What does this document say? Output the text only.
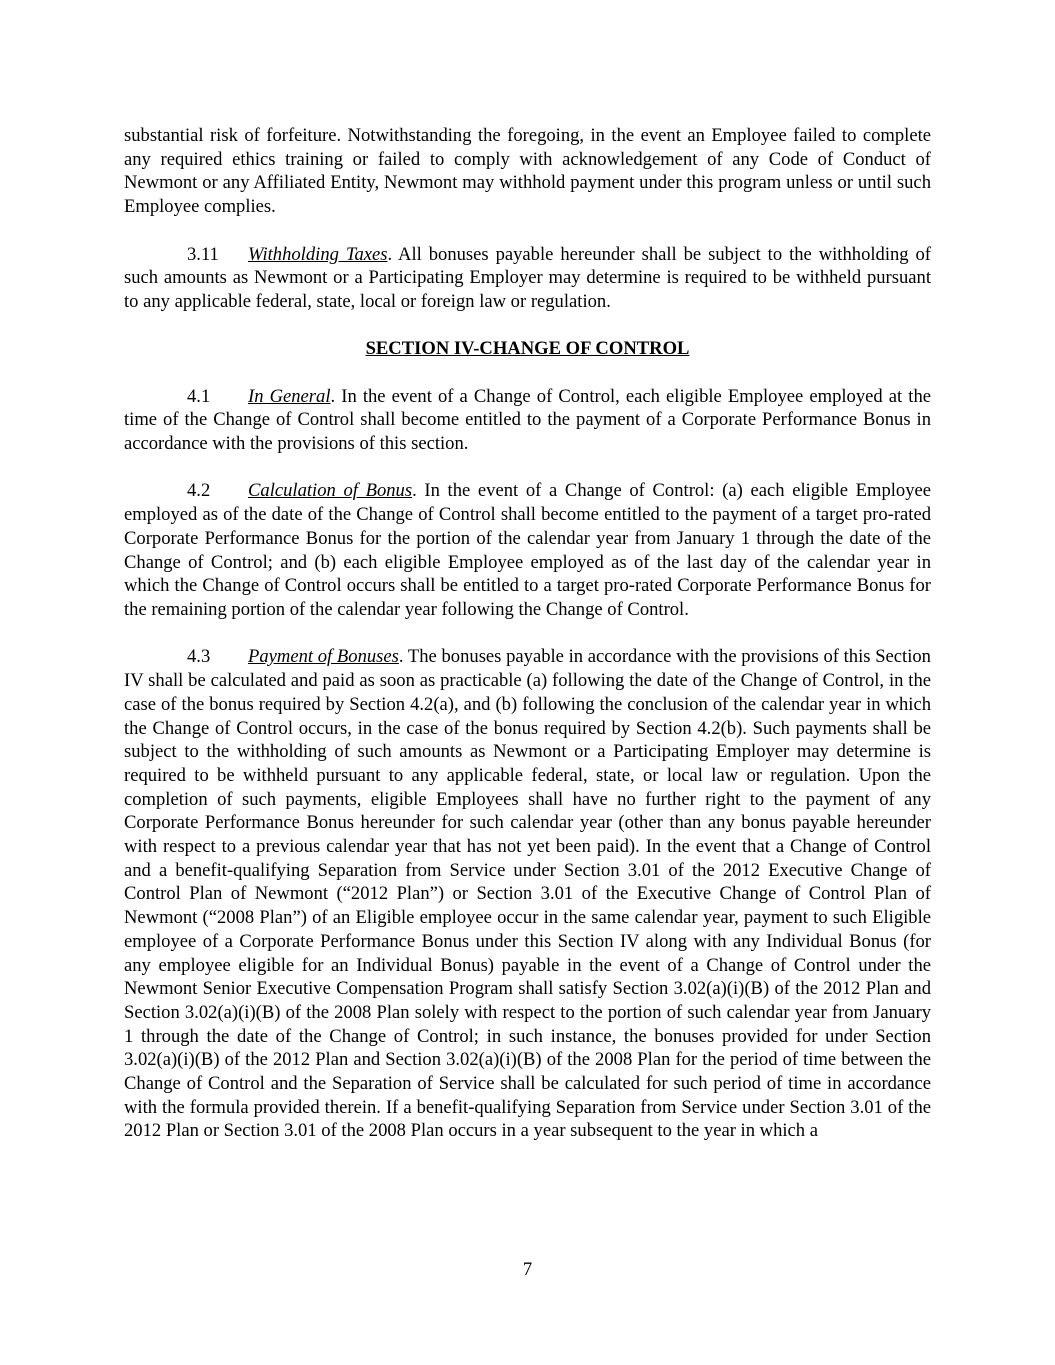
substantial risk of forfeiture. Notwithstanding the foregoing, in the event an Employee failed to complete any required ethics training or failed to comply with acknowledgement of any Code of Conduct of Newmont or any Affiliated Entity, Newmont may withhold payment under this program unless or until such Employee complies.

3.11 Withholding Taxes. All bonuses payable hereunder shall be subject to the withholding of such amounts as Newmont or a Participating Employer may determine is required to be withheld pursuant to any applicable federal, state, local or foreign law or regulation.

SECTION IV-CHANGE OF CONTROL

4.1 In General. In the event of a Change of Control, each eligible Employee employed at the time of the Change of Control shall become entitled to the payment of a Corporate Performance Bonus in accordance with the provisions of this section.

4.2 Calculation of Bonus. In the event of a Change of Control: (a) each eligible Employee employed as of the date of the Change of Control shall become entitled to the payment of a target pro-rated Corporate Performance Bonus for the portion of the calendar year from January 1 through the date of the Change of Control; and (b) each eligible Employee employed as of the last day of the calendar year in which the Change of Control occurs shall be entitled to a target pro-rated Corporate Performance Bonus for the remaining portion of the calendar year following the Change of Control.

4.3 Payment of Bonuses. The bonuses payable in accordance with the provisions of this Section IV shall be calculated and paid as soon as practicable (a) following the date of the Change of Control, in the case of the bonus required by Section 4.2(a), and (b) following the conclusion of the calendar year in which the Change of Control occurs, in the case of the bonus required by Section 4.2(b). Such payments shall be subject to the withholding of such amounts as Newmont or a Participating Employer may determine is required to be withheld pursuant to any applicable federal, state, or local law or regulation. Upon the completion of such payments, eligible Employees shall have no further right to the payment of any Corporate Performance Bonus hereunder for such calendar year (other than any bonus payable hereunder with respect to a previous calendar year that has not yet been paid). In the event that a Change of Control and a benefit-qualifying Separation from Service under Section 3.01 of the 2012 Executive Change of Control Plan of Newmont (“2012 Plan”) or Section 3.01 of the Executive Change of Control Plan of Newmont (“2008 Plan”) of an Eligible employee occur in the same calendar year, payment to such Eligible employee of a Corporate Performance Bonus under this Section IV along with any Individual Bonus (for any employee eligible for an Individual Bonus) payable in the event of a Change of Control under the Newmont Senior Executive Compensation Program shall satisfy Section 3.02(a)(i)(B) of the 2012 Plan and Section 3.02(a)(i)(B) of the 2008 Plan solely with respect to the portion of such calendar year from January 1 through the date of the Change of Control; in such instance, the bonuses provided for under Section 3.02(a)(i)(B) of the 2012 Plan and Section 3.02(a)(i)(B) of the 2008 Plan for the period of time between the Change of Control and the Separation of Service shall be calculated for such period of time in accordance with the formula provided therein. If a benefit-qualifying Separation from Service under Section 3.01 of the 2012 Plan or Section 3.01 of the 2008 Plan occurs in a year subsequent to the year in which a

7
